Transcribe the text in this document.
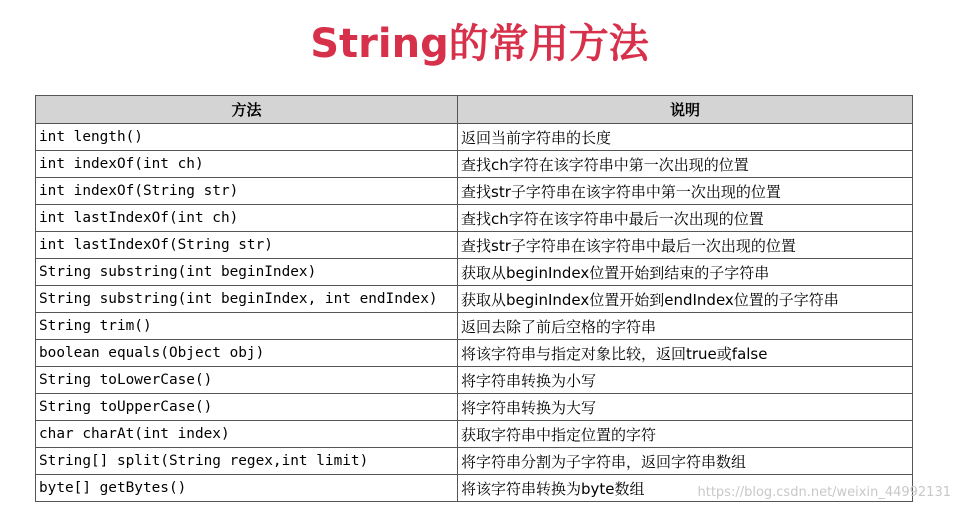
String的常用方法
方法	说明
int length()	返回当前字符串的长度
int indexOf(int ch)	查找ch字符在该字符串中第一次出现的位置
int indexOf(String str)	查找str子字符串在该字符串中第一次出现的位置
int lastIndexOf(int ch)	查找ch字符在该字符串中最后一次出现的位置
int lastIndexOf(String str)	查找str子字符串在该字符串中最后一次出现的位置
String substring(int beginIndex)	获取从beginIndex位置开始到结束的子字符串
String substring(int beginIndex, int endIndex)	获取从beginIndex位置开始到endIndex位置的子字符串
String trim()	返回去除了前后空格的字符串
boolean equals(Object obj)	将该字符串与指定对象比较，返回true或false
String toLowerCase()	将字符串转换为小写
String toUpperCase()	将字符串转换为大写
char charAt(int index)	获取字符串中指定位置的字符
String[] split(String regex,int limit)	将字符串分割为子字符串，返回字符串数组
byte[] getBytes()	将该字符串转换为byte数组	https://blog.csdn.net/weixin_44992131
